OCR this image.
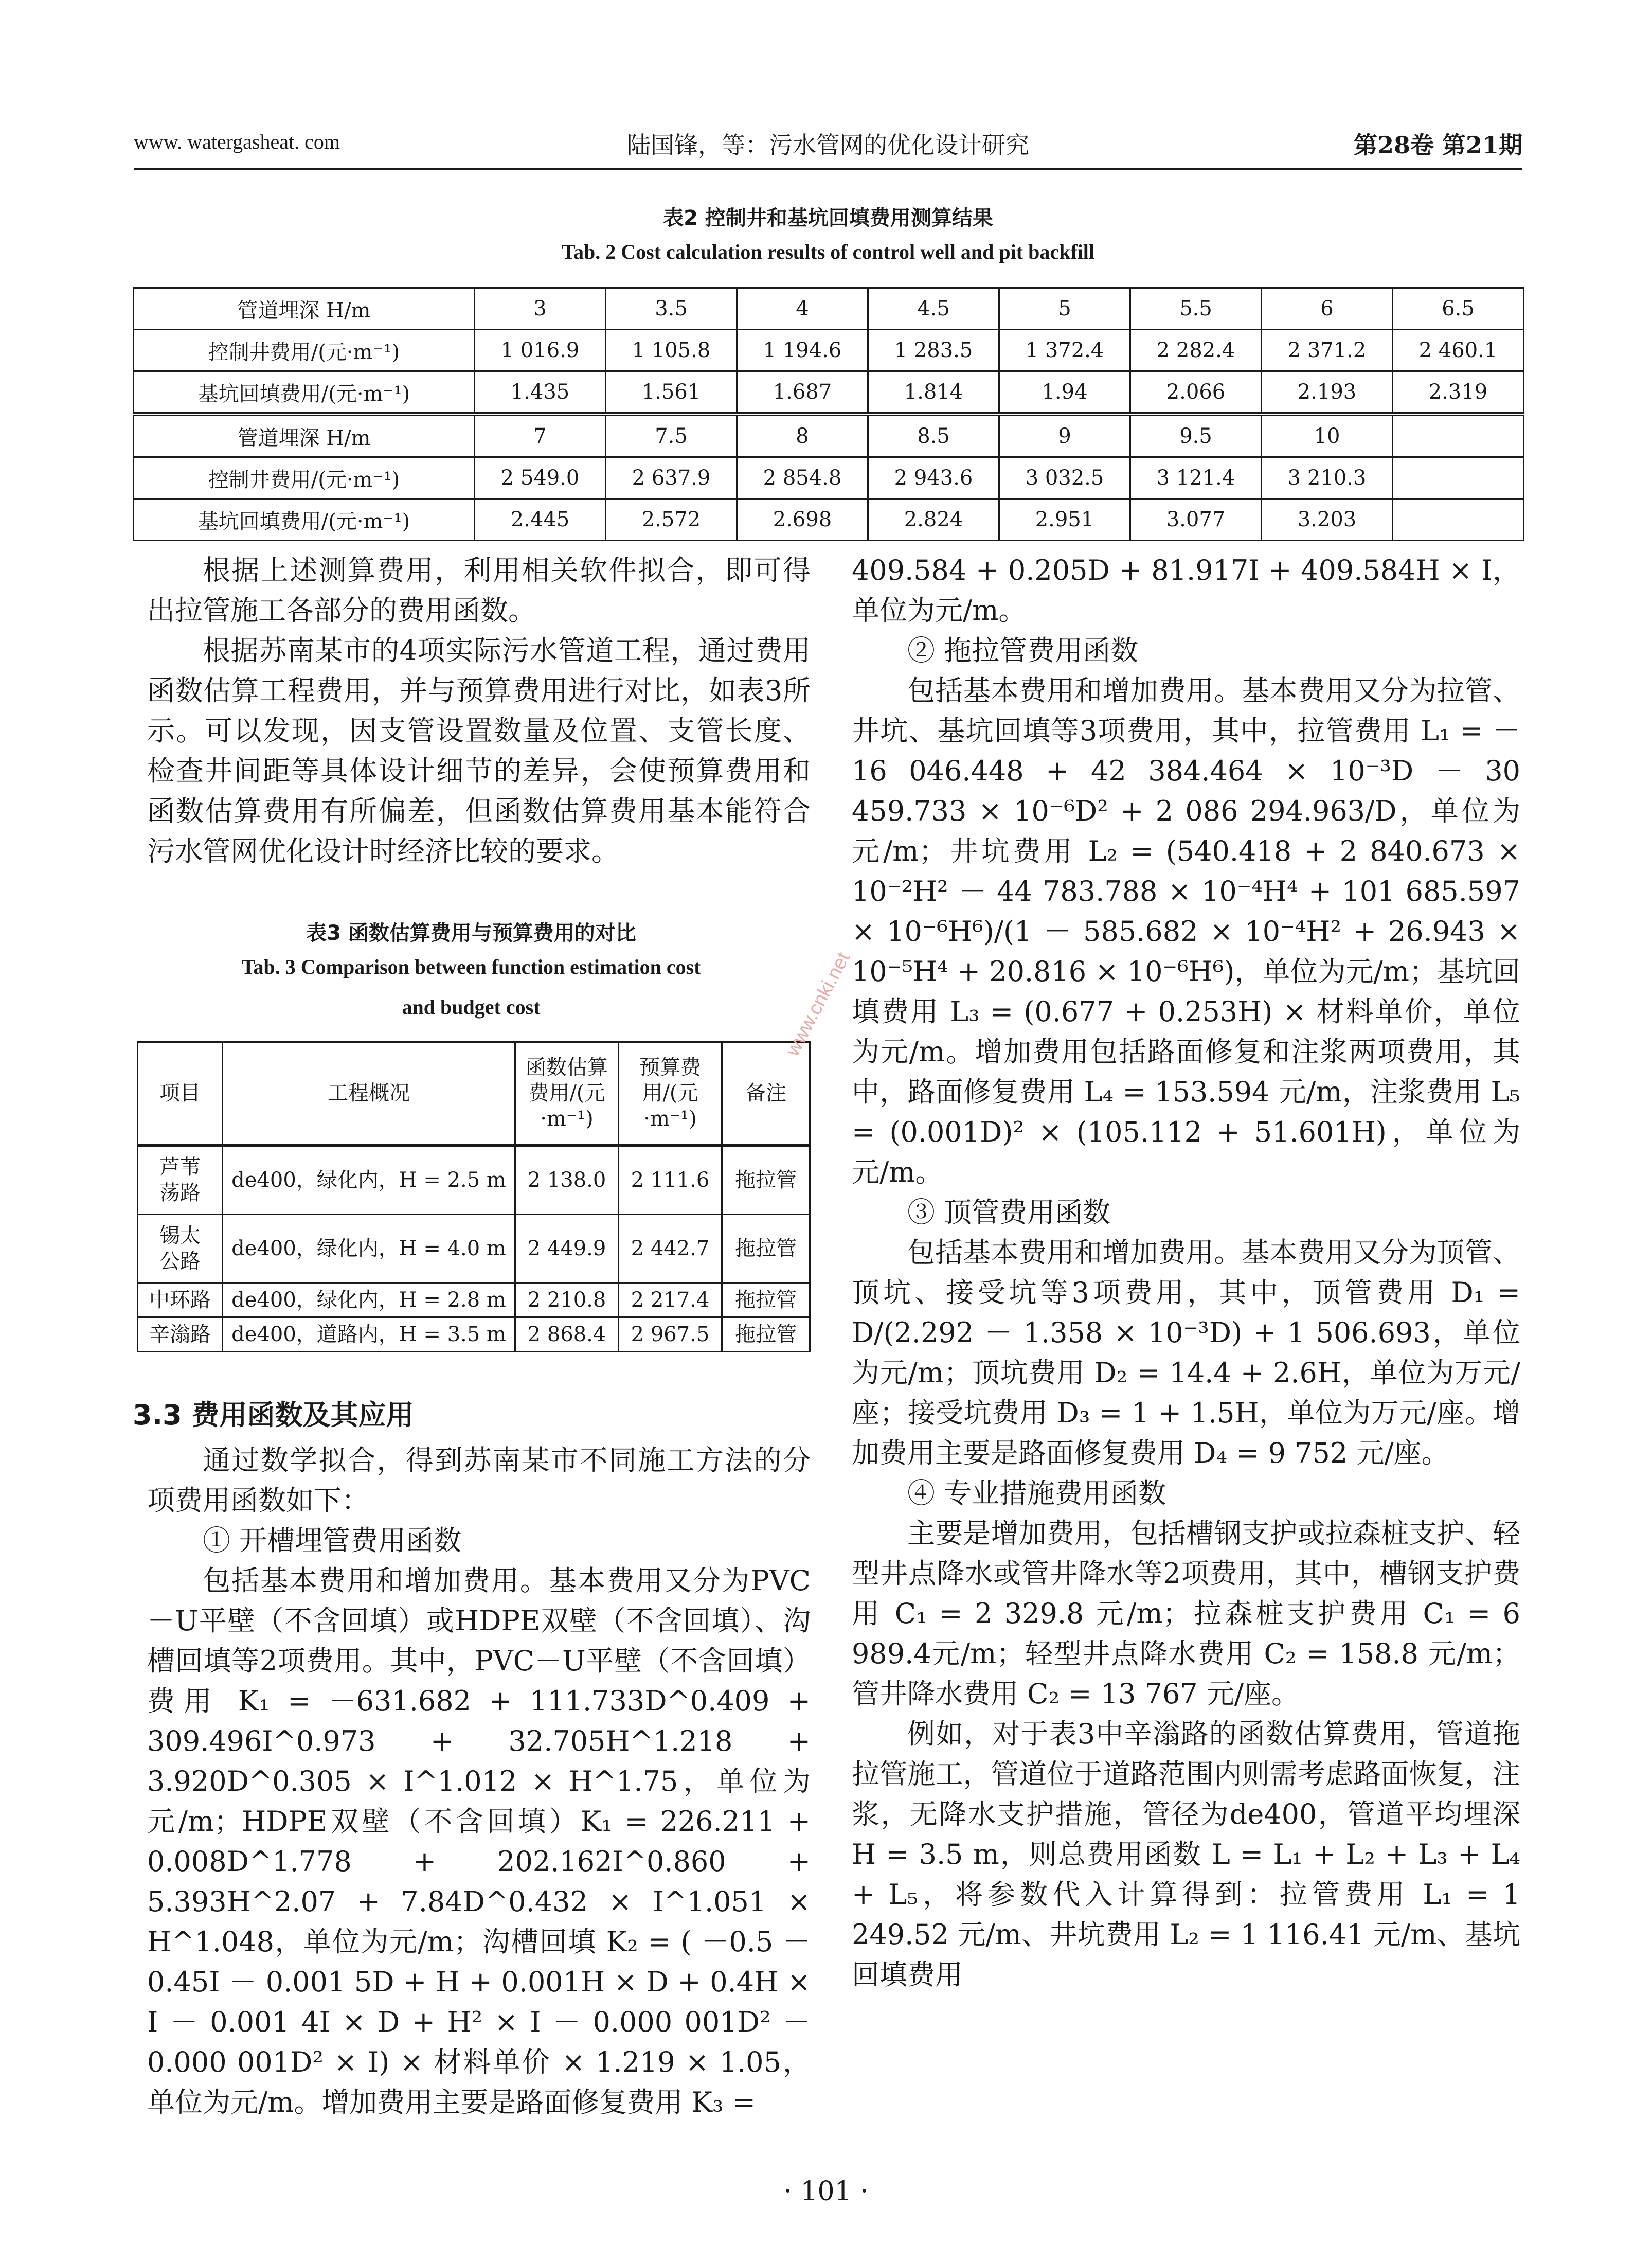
www. watergasheat. com	陆国锋，等：污水管网的优化设计研究	第28卷 第21期
表2 控制井和基坑回填费用测算结果
Tab. 2 Cost calculation results of control well and pit backfill
管道埋深 H/m	3	3.5	4	4.5	5	5.5	6	6.5
控制井费用/(元·m⁻¹)	1 016.9	1 105.8	1 194.6	1 283.5	1 372.4	2 282.4	2 371.2	2 460.1
基坑回填费用/(元·m⁻¹)	1.435	1.561	1.687	1.814	1.94	2.066	2.193	2.319
管道埋深 H/m	7	7.5	8	8.5	9	9.5	10	
控制井费用/(元·m⁻¹)	2 549.0	2 637.9	2 854.8	2 943.6	3 032.5	3 121.4	3 210.3	
基坑回填费用/(元·m⁻¹)	2.445	2.572	2.698	2.824	2.951	3.077	3.203	

根据上述测算费用，利用相关软件拟合，即可得出拉管施工各部分的费用函数。

根据苏南某市的4项实际污水管道工程，通过费用函数估算工程费用，并与预算费用进行对比，如表3所示。可以发现，因支管设置数量及位置、支管长度、检查井间距等具体设计细节的差异，会使预算费用和函数估算费用有所偏差，但函数估算费用基本能符合污水管网优化设计时经济比较的要求。

表3 函数估算费用与预算费用的对比
Tab. 3 Comparison between function estimation cost
and budget cost
项目	工程概况	函数估算费用/(元·m⁻¹)	预算费用/(元·m⁻¹)	备注
芦苇荡路	de400，绿化内，H = 2.5 m	2 138.0	2 111.6	拖拉管
锡太公路	de400，绿化内，H = 4.0 m	2 449.9	2 442.7	拖拉管
中环路	de400，绿化内，H = 2.8 m	2 210.8	2 217.4	拖拉管
辛滃路	de400，道路内，H = 3.5 m	2 868.4	2 967.5	拖拉管
www.cnki.net
3.3 费用函数及其应用

通过数学拟合，得到苏南某市不同施工方法的分项费用函数如下：

① 开槽埋管费用函数

包括基本费用和增加费用。基本费用又分为PVC－U平壁（不含回填）或HDPE双壁（不含回填）、沟槽回填等2项费用。其中，PVC－U平壁（不含回填）费用 K₁ = －631.682 + 111.733D^0.409 + 309.496I^0.973 + 32.705H^1.218 + 3.920D^0.305 × I^1.012 × H^1.75，单位为元/m；HDPE双壁（不含回填）K₁ = 226.211 + 0.008D^1.778 + 202.162I^0.860 + 5.393H^2.07 + 7.84D^0.432 × I^1.051 × H^1.048，单位为元/m；沟槽回填 K₂ = ( －0.5 － 0.45I － 0.001 5D + H + 0.001H × D + 0.4H × I － 0.001 4I × D + H² × I － 0.000 001D² － 0.000 001D² × I) × 材料单价 × 1.219 × 1.05，单位为元/m。增加费用主要是路面修复费用 K₃ =

409.584 + 0.205D + 81.917I + 409.584H × I，单位为元/m。

② 拖拉管费用函数

包括基本费用和增加费用。基本费用又分为拉管、井坑、基坑回填等3项费用，其中，拉管费用 L₁ = －16 046.448 + 42 384.464 × 10⁻³D － 30 459.733 × 10⁻⁶D² + 2 086 294.963/D，单位为元/m；井坑费用 L₂ = (540.418 + 2 840.673 × 10⁻²H² － 44 783.788 × 10⁻⁴H⁴ + 101 685.597 × 10⁻⁶H⁶)/(1 － 585.682 × 10⁻⁴H² + 26.943 × 10⁻⁵H⁴ + 20.816 × 10⁻⁶H⁶)，单位为元/m；基坑回填费用 L₃ = (0.677 + 0.253H) × 材料单价，单位为元/m。增加费用包括路面修复和注浆两项费用，其中，路面修复费用 L₄ = 153.594 元/m，注浆费用 L₅ = (0.001D)² × (105.112 + 51.601H)，单位为元/m。

③ 顶管费用函数

包括基本费用和增加费用。基本费用又分为顶管、顶坑、接受坑等3项费用，其中，顶管费用 D₁ = D/(2.292 － 1.358 × 10⁻³D) + 1 506.693，单位为元/m；顶坑费用 D₂ = 14.4 + 2.6H，单位为万元/座；接受坑费用 D₃ = 1 + 1.5H，单位为万元/座。增加费用主要是路面修复费用 D₄ = 9 752 元/座。

④ 专业措施费用函数

主要是增加费用，包括槽钢支护或拉森桩支护、轻型井点降水或管井降水等2项费用，其中，槽钢支护费用 C₁ = 2 329.8 元/m；拉森桩支护费用 C₁ = 6 989.4元/m；轻型井点降水费用 C₂ = 158.8 元/m；管井降水费用 C₂ = 13 767 元/座。

例如，对于表3中辛滃路的函数估算费用，管道拖拉管施工，管道位于道路范围内则需考虑路面恢复，注浆，无降水支护措施，管径为de400，管道平均埋深 H = 3.5 m，则总费用函数 L = L₁ + L₂ + L₃ + L₄ + L₅，将参数代入计算得到：拉管费用 L₁ = 1 249.52 元/m、井坑费用 L₂ = 1 116.41 元/m、基坑回填费用

· 101 ·
